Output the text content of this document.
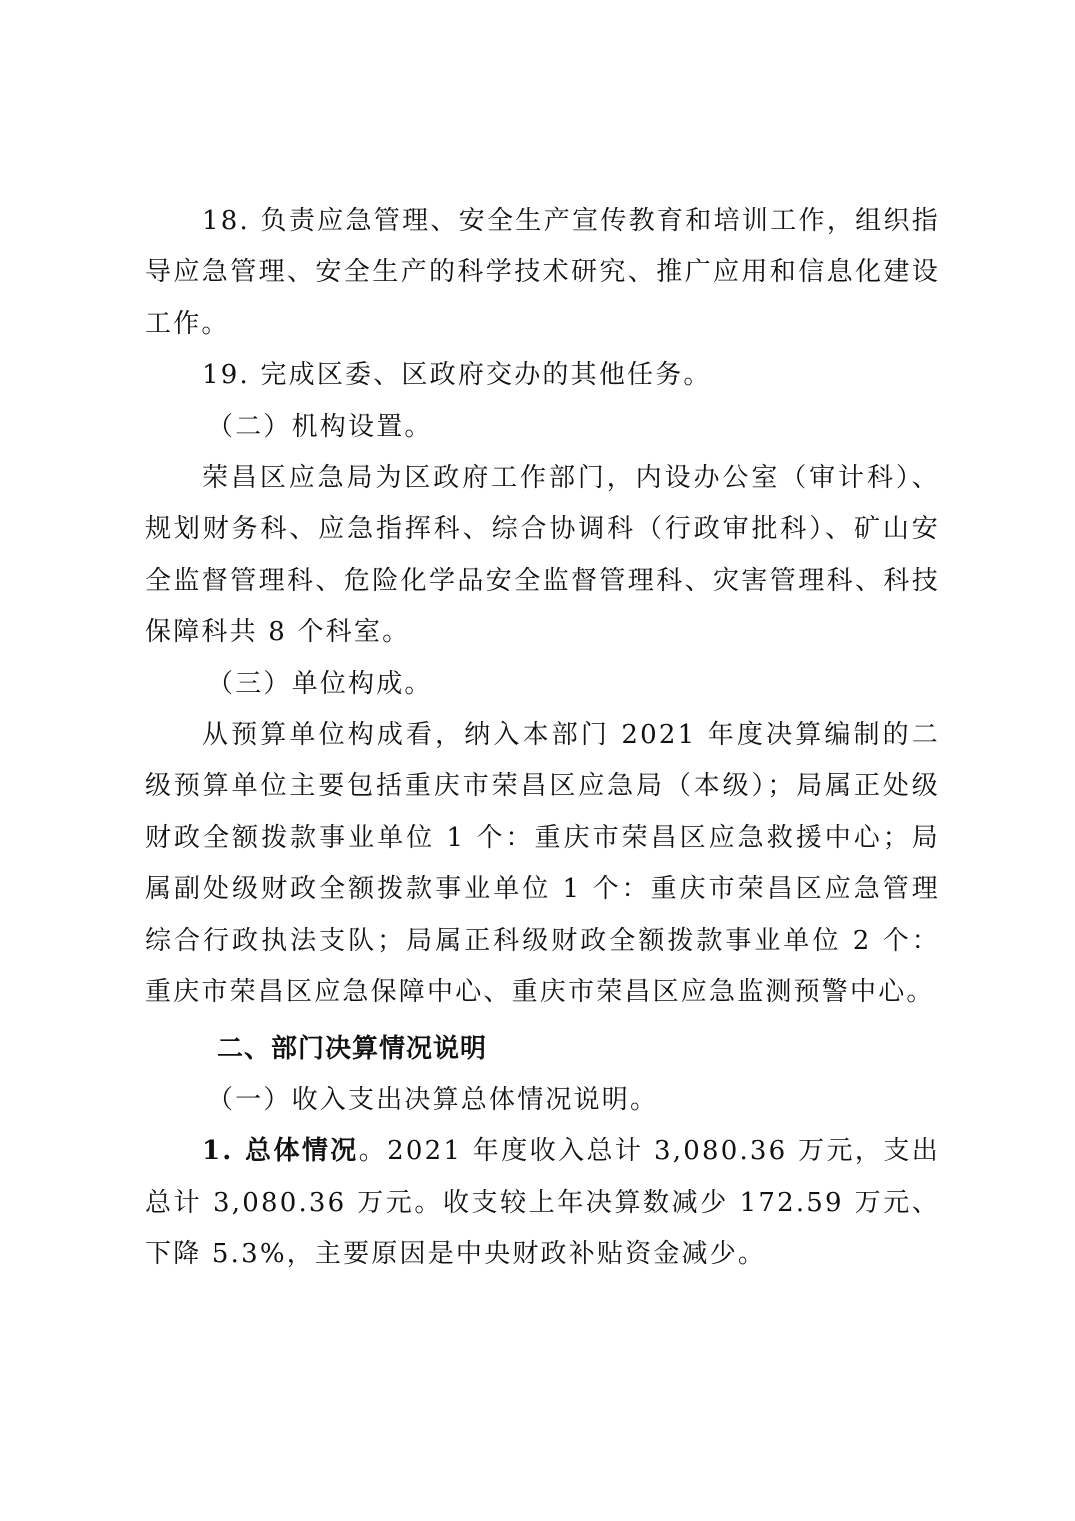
18. 负责应急管理、安全生产宣传教育和培训工作，组织指导应急管理、安全生产的科学技术研究、推广应用和信息化建设工作。

19. 完成区委、区政府交办的其他任务。

（二）机构设置。

荣昌区应急局为区政府工作部门，内设办公室（审计科）、规划财务科、应急指挥科、综合协调科（行政审批科）、矿山安全监督管理科、危险化学品安全监督管理科、灾害管理科、科技保障科共 8 个科室。

（三）单位构成。

从预算单位构成看，纳入本部门 2021 年度决算编制的二级预算单位主要包括重庆市荣昌区应急局（本级）；局属正处级财政全额拨款事业单位 1 个：重庆市荣昌区应急救援中心；局属副处级财政全额拨款事业单位 1 个：重庆市荣昌区应急管理综合行政执法支队；局属正科级财政全额拨款事业单位 2 个：重庆市荣昌区应急保障中心、重庆市荣昌区应急监测预警中心。

二、部门决算情况说明

（一）收入支出决算总体情况说明。

1. 总体情况。2021 年度收入总计 3,080.36 万元，支出总计 3,080.36 万元。收支较上年决算数减少 172.59 万元、下降 5.3%，主要原因是中央财政补贴资金减少。
